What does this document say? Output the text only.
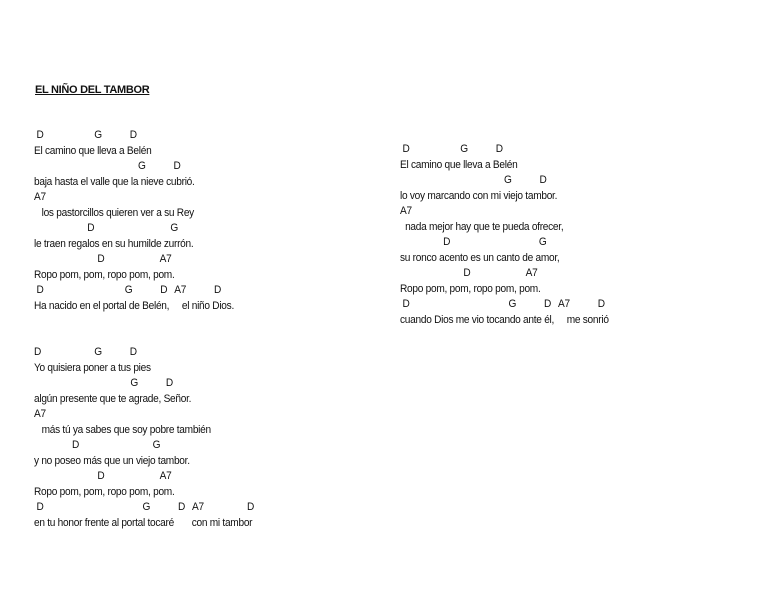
EL NIÑO DEL TAMBOR
D                    G           D
El camino que lleva a Belén
G           D
baja hasta el valle que la nieve cubrió.
A7
los pastorcillos quieren ver a su Rey
D                              G
le traen regalos en su humilde zurrón.
D                      A7
Ropo pom, pom, ropo pom, pom.
D                                G           D   A7           D
Ha nacido en el portal de Belén,     el niño Dios.
D                     G           D
Yo quisiera poner a tus pies
G           D
algún presente que te agrade, Señor.
A7
más tú ya sabes que soy pobre también
D                             G
y no poseo más que un viejo tambor.
D                      A7
Ropo pom, pom, ropo pom, pom.
D                                       G           D   A7                 D
en tu honor frente al portal tocaré       con mi tambor
D                    G           D
El camino que lleva a Belén
G           D
lo voy marcando con mi viejo tambor.
A7
nada mejor hay que te pueda ofrecer,
D                                   G
su ronco acento es un canto de amor,
D                      A7
Ropo pom, pom, ropo pom, pom.
D                                       G           D   A7           D
cuando Dios me vio tocando ante él,     me sonrió
